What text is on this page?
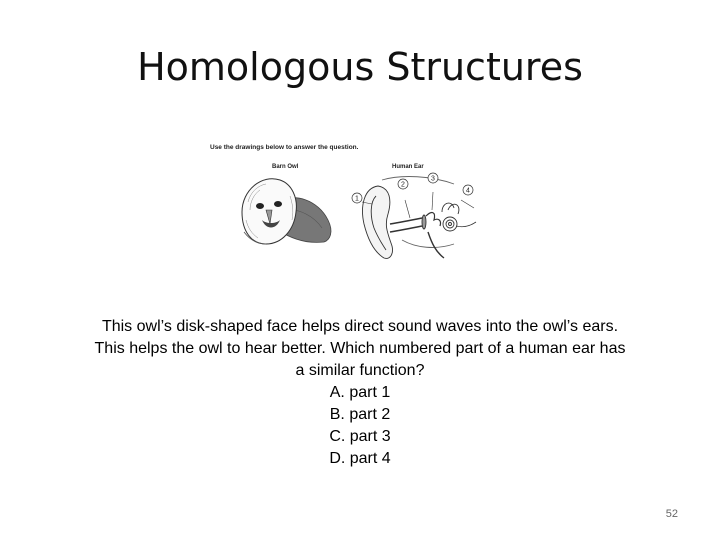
Homologous Structures
Use the drawings below to answer the question.
Barn Owl	Human Ear
1
2
3
4
This owl’s disk-shaped face helps direct sound waves into the owl’s ears.
This helps the owl to hear better. Which numbered part of a human ear has
a similar function?
A. part 1
B. part 2
C. part 3
D. part 4
52
